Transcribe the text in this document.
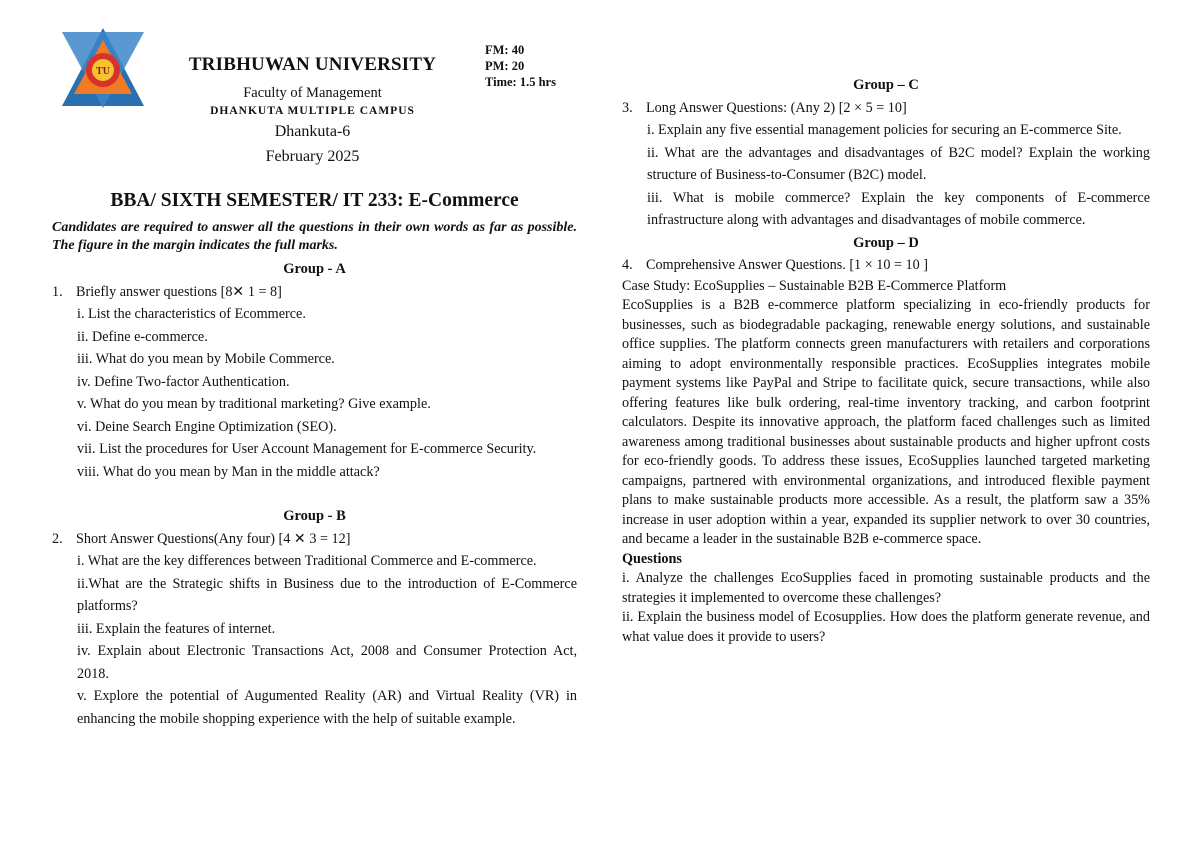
TU	TRIBHUWAN UNIVERSITY
Faculty of Management
DHANKUTA MULTIPLE CAMPUS
Dhankuta-6
February 2025
FM: 40
PM: 20
Time: 1.5 hrs
BBA/ SIXTH SEMESTER/ IT 233: E-Commerce
Candidates are required to answer all the questions in their own words as far as possible. The figure in the margin indicates the full marks.
Group - A
1. Briefly answer questions [8✕ 1 = 8]
i. List the characteristics of Ecommerce.
ii. Define e-commerce.
iii. What do you mean by Mobile Commerce.
iv. Define Two-factor Authentication.
v. What do you mean by traditional marketing? Give example.
vi. Deine Search Engine Optimization (SEO).
vii. List the procedures for User Account Management for E-commerce Security.
viii. What do you mean by Man in the middle attack?
Group - B
2. Short Answer Questions(Any four) [4 ✕ 3 = 12]
i. What are the key differences between Traditional Commerce and E-commerce.
ii.What are the Strategic shifts in Business due to the introduction of E-Commerce platforms?
iii. Explain the features of internet.
iv. Explain about Electronic Transactions Act, 2008 and Consumer Protection Act, 2018.
v. Explore the potential of Augumented Reality (AR) and Virtual Reality (VR) in enhancing the mobile shopping experience with the help of suitable example.
Group – C
3. Long Answer Questions: (Any 2) [2 × 5 = 10]
i. Explain any five essential management policies for securing an E-commerce Site.
ii. What are the advantages and disadvantages of B2C model? Explain the working structure of Business-to-Consumer (B2C) model.
iii. What is mobile commerce? Explain the key components of E-commerce infrastructure along with advantages and disadvantages of mobile commerce.
Group – D
4. Comprehensive Answer Questions. [1 × 10 = 10 ]
Case Study: EcoSupplies – Sustainable B2B E-Commerce Platform
EcoSupplies is a B2B e-commerce platform specializing in eco-friendly products for businesses, such as biodegradable packaging, renewable energy solutions, and sustainable office supplies. The platform connects green manufacturers with retailers and corporations aiming to adopt environmentally responsible practices. EcoSupplies integrates mobile payment systems like PayPal and Stripe to facilitate quick, secure transactions, while also offering features like bulk ordering, real-time inventory tracking, and carbon footprint calculators. Despite its innovative approach, the platform faced challenges such as limited awareness among traditional businesses about sustainable products and higher upfront costs for eco-friendly goods. To address these issues, EcoSupplies launched targeted marketing campaigns, partnered with environmental organizations, and introduced flexible payment plans to make sustainable products more accessible. As a result, the platform saw a 35% increase in user adoption within a year, expanded its supplier network to over 30 countries, and became a leader in the sustainable B2B e-commerce space.
Questions
i. Analyze the challenges EcoSupplies faced in promoting sustainable products and the strategies it implemented to overcome these challenges?
ii. Explain the business model of Ecosupplies. How does the platform generate revenue, and what value does it provide to users?
